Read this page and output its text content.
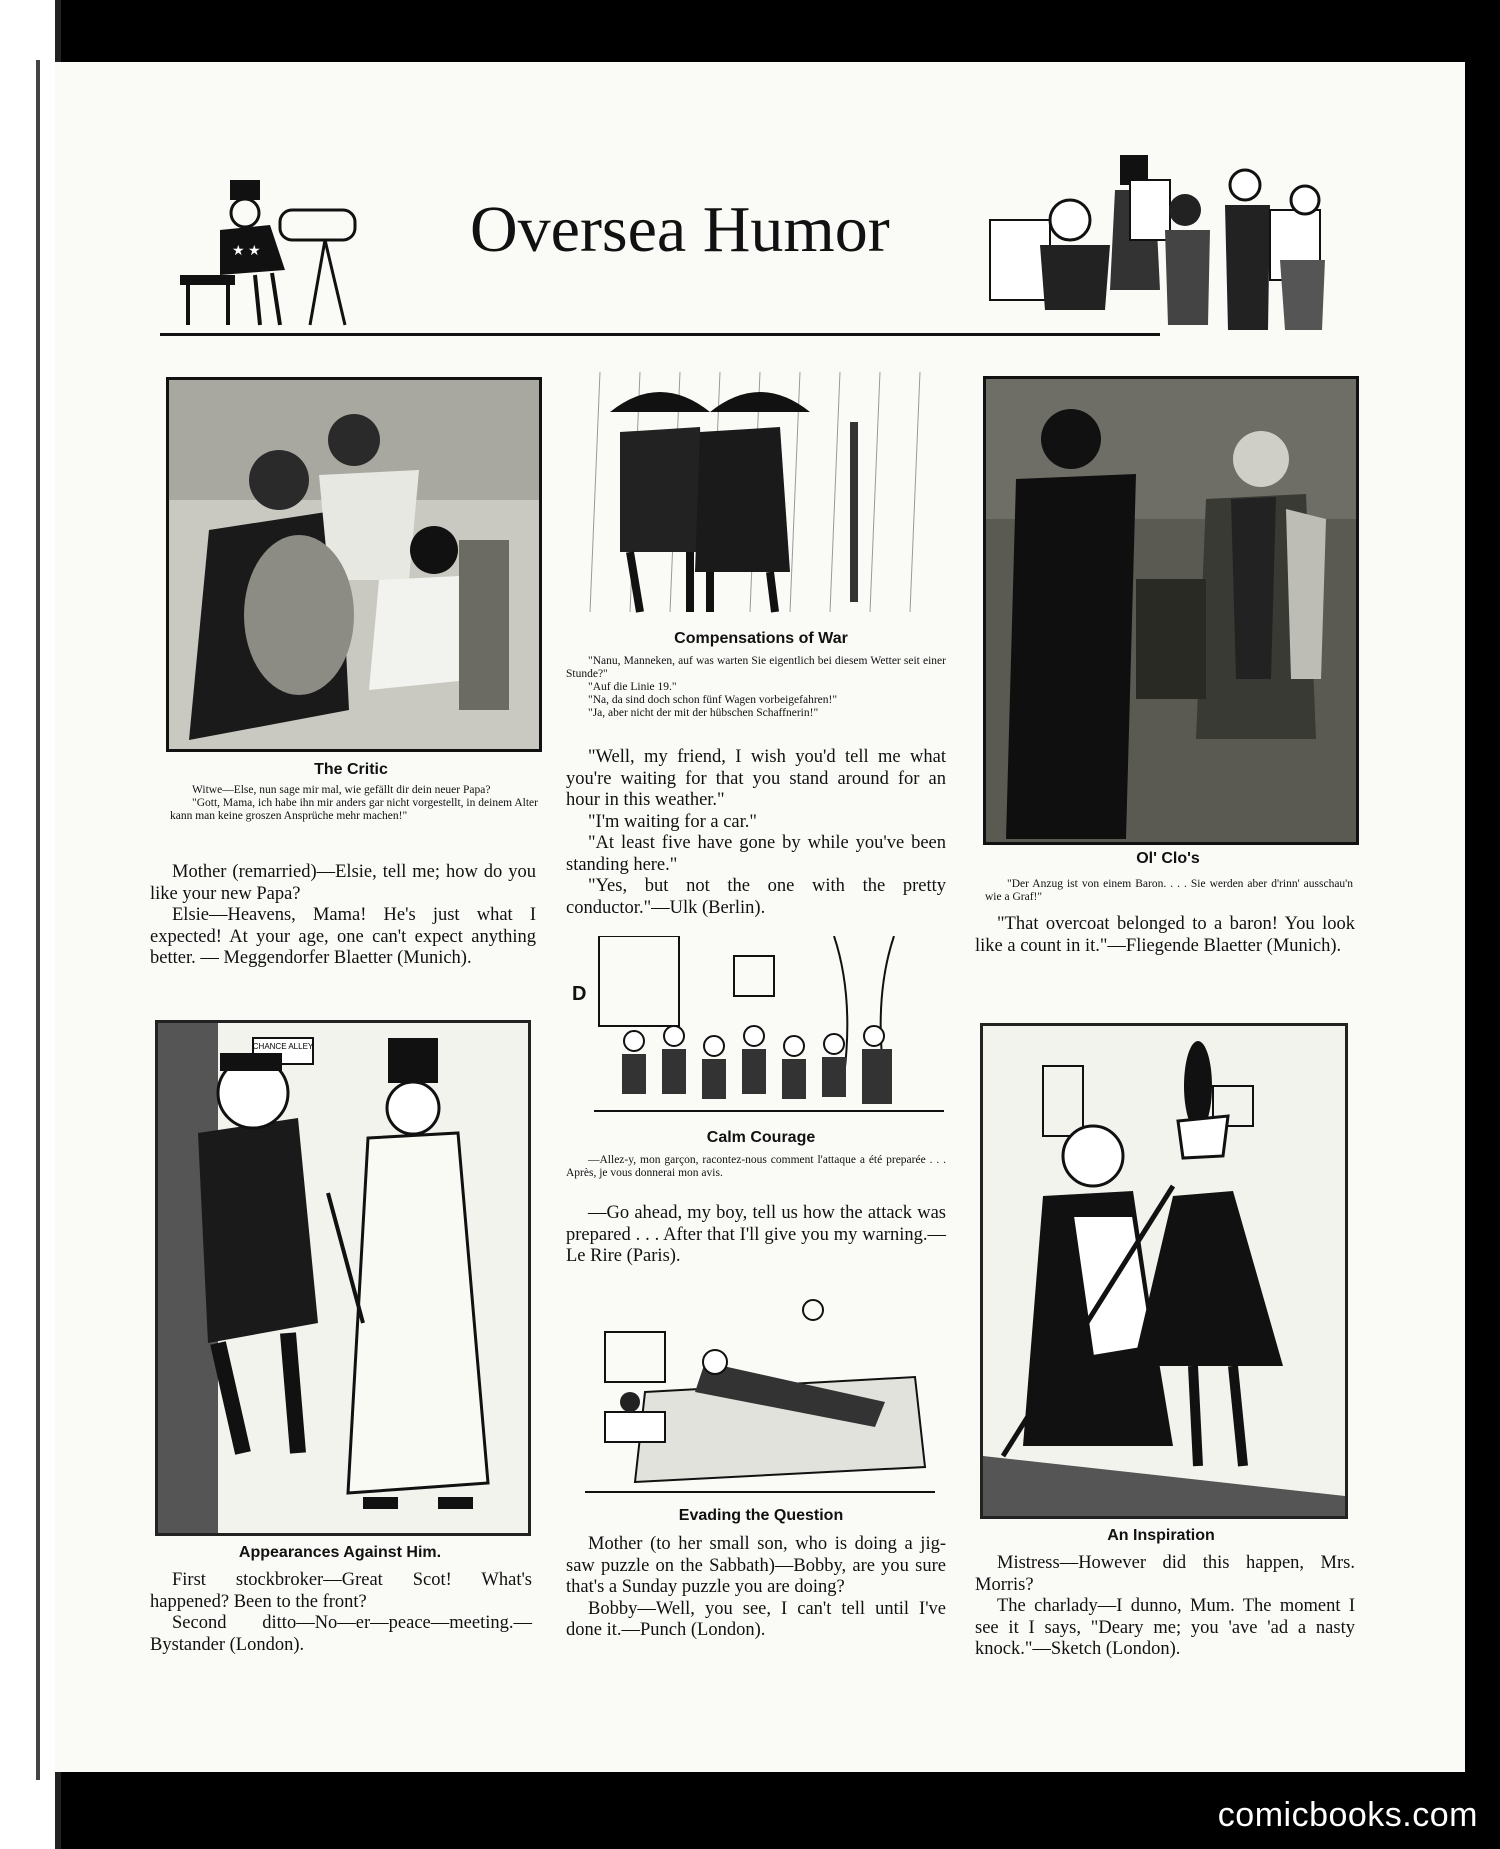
Oversea Humor
★ ★
The Critic

Witwe—Else, nun sage mir mal, wie gefällt dir dein neuer Papa?

"Gott, Mama, ich habe ihn mir anders gar nicht vorgestellt, in deinem Alter kann man keine groszen Ansprüche mehr machen!"

Mother (remarried)—Elsie, tell me; how do you like your new Papa?

Elsie—Heavens, Mama! He's just what I expected! At your age, one can't expect anything better. — Meggendorfer Blaetter (Munich).

CHANCE ALLEY
Appearances Against Him.

First stockbroker—Great Scot! What's happened? Been to the front?

Second ditto—No—er—peace—meeting.—Bystander (London).

Compensations of War

"Nanu, Manneken, auf was warten Sie eigentlich bei diesem Wetter seit einer Stunde?"

"Auf die Linie 19."

"Na, da sind doch schon fünf Wagen vorbeigefahren!"

"Ja, aber nicht der mit der hübschen Schaffnerin!"

"Well, my friend, I wish you'd tell me what you're waiting for that you stand around for an hour in this weather."

"I'm waiting for a car."

"At least five have gone by while you've been standing here."

"Yes, but not the one with the pretty conductor."—Ulk (Berlin).

D
Calm Courage

—Allez-y, mon garçon, racontez-nous comment l'attaque a été preparée . . . Après, je vous donnerai mon avis.

—Go ahead, my boy, tell us how the attack was prepared . . . After that I'll give you my warning.—Le Rire (Paris).

Evading the Question

Mother (to her small son, who is doing a jig-saw puzzle on the Sabbath)—Bobby, are you sure that's a Sunday puzzle you are doing?

Bobby—Well, you see, I can't tell until I've done it.—Punch (London).

Ol' Clo's

"Der Anzug ist von einem Baron. . . . Sie werden aber d'rinn' ausschau'n wie a Graf!"

"That overcoat belonged to a baron! You look like a count in it."—Fliegende Blaetter (Munich).

An Inspiration

Mistress—However did this happen, Mrs. Morris?

The charlady—I dunno, Mum. The moment I see it I says, "Deary me; you 'ave 'ad a nasty knock."—Sketch (London).

comicbooks.com
